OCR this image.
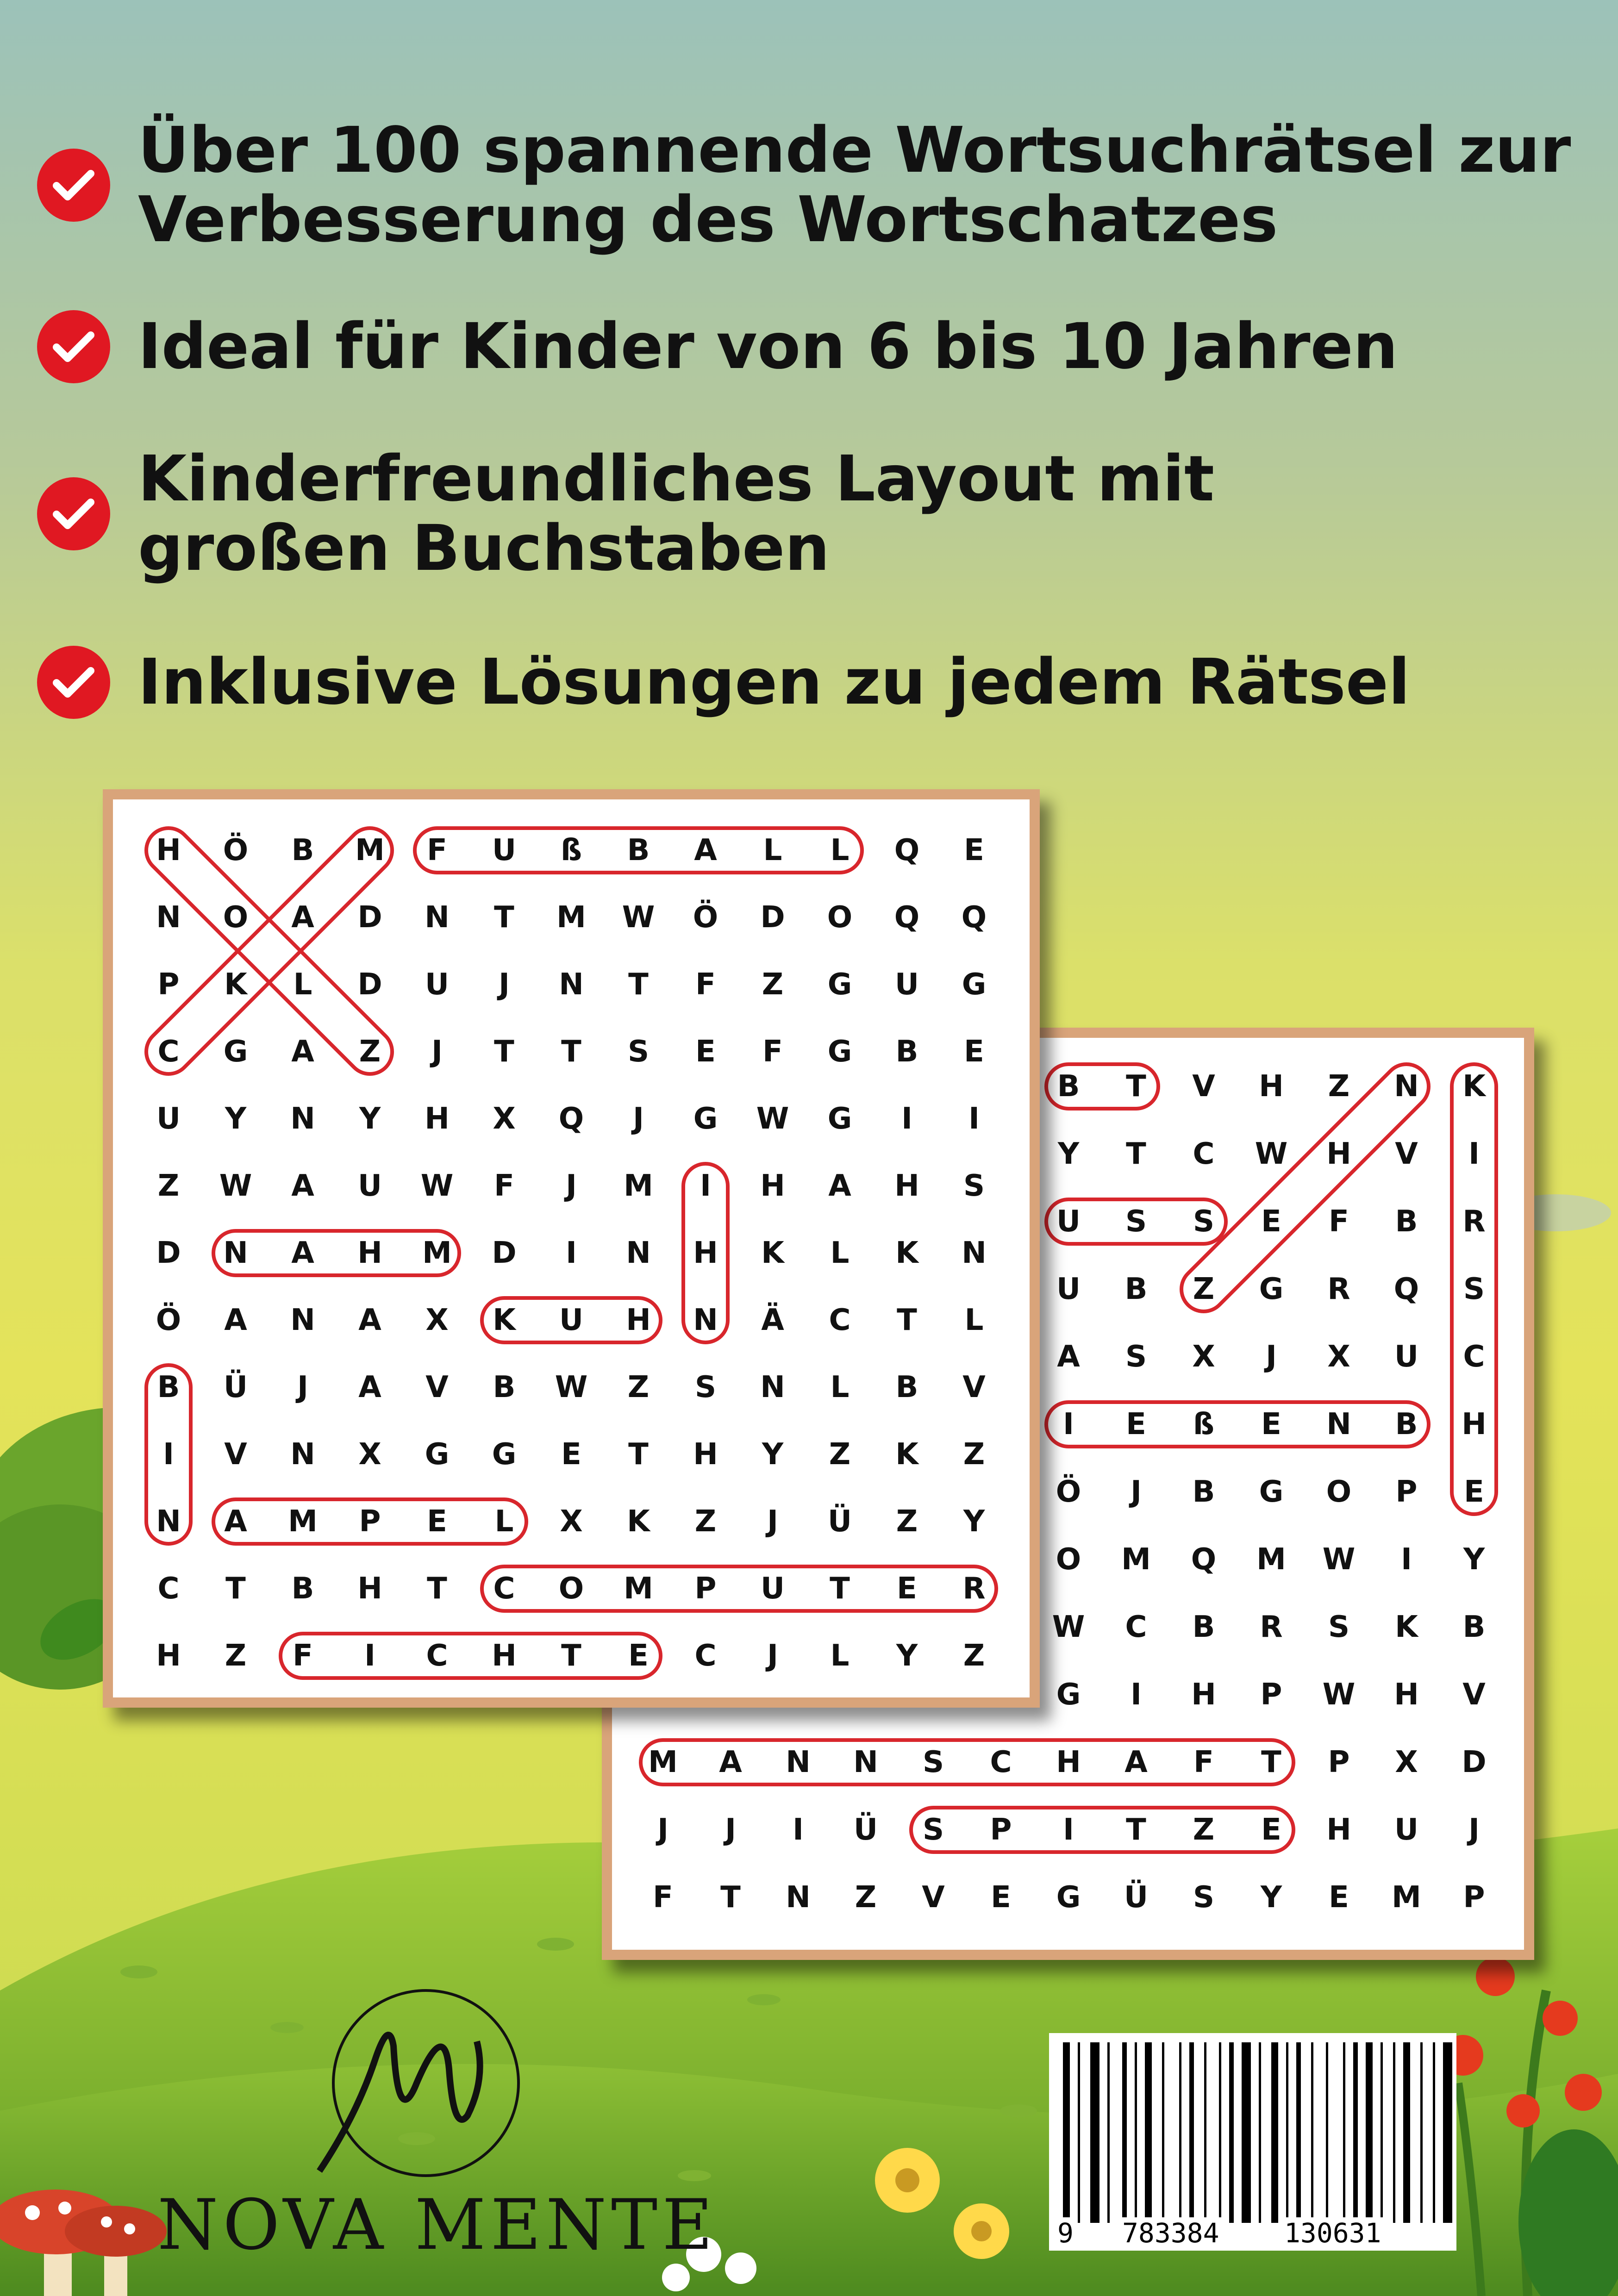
Über 100 spannende Wortsuchrätsel zur
Verbesserung des Wortschatzes
Ideal für Kinder von 6 bis 10 Jahren
Kinderfreundliches Layout mit
großen Buchstaben
Inklusive Lösungen zu jedem Rätsel
B T V H Z N K
Y T C W H V I
U S S E F B R
U B Z G R Q S
A S X J X U C
I E ß E N B H
Ö J B G O P E
O M Q M W I Y
W C B R S K B
G I H P W H V
M A N N S C H A F T P X D
J J I Ü S P I T Z E H U J
F T N Z V E G Ü S Y E M P
H Ö B M F U ß B A L L Q E
N O A D N T M W Ö D O Q Q
P K L D U J N T F Z G U G
C G A Z J T T S E F G B E
U Y N Y H X Q J G W G I I
Z W A U W F J M I H A H S
D N A H M D I N H K L K N
Ö A N A X K U H N Ä C T L
B Ü J A V B W Z S N L B V
I V N X G G E T H Y Z K Z
N A M P E L X K Z J Ü Z Y
C T B H T C O M P U T E R
H Z F I C H T E C J L Y Z
NOVA MENTE	9 783384 130631
